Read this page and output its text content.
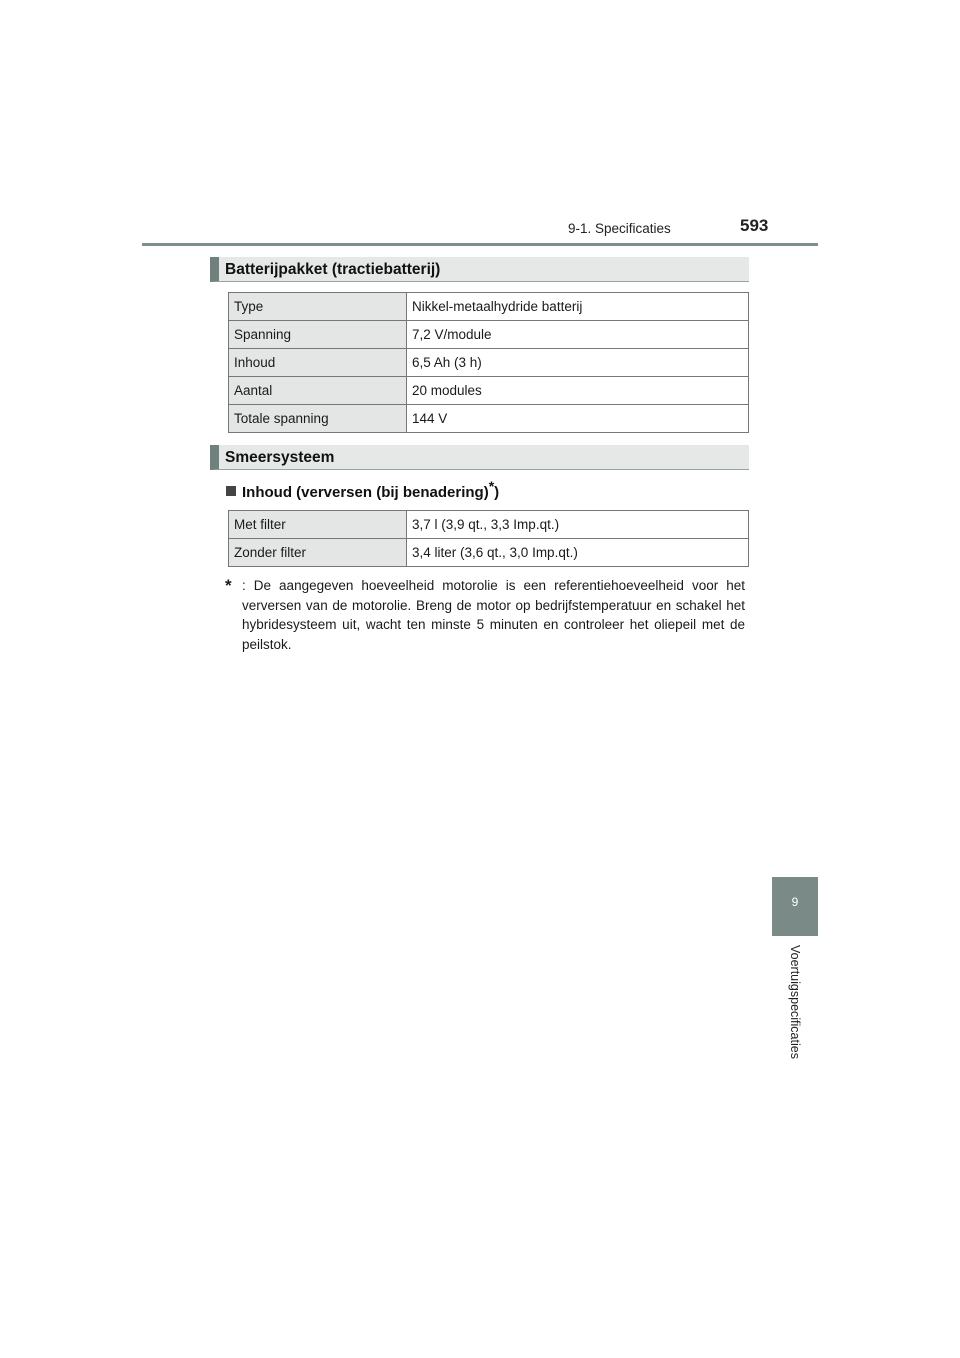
9-1. Specificaties	593
Batterijpakket (tractiebatterij)
Type	Nikkel-metaalhydride batterij
Spanning	7,2 V/module
Inhoud	6,5 Ah (3 h)
Aantal	20 modules
Totale spanning	144 V
Smeersysteem
Inhoud (verversen (bij benadering)*)
Met filter	3,7 l (3,9 qt., 3,3 Imp.qt.)
Zonder filter	3,4 liter (3,6 qt., 3,0 Imp.qt.)
* : De aangegeven hoeveelheid motorolie is een referentiehoeveelheid voor het verversen van de motorolie. Breng de motor op bedrijfstemperatuur en schakel het hybridesysteem uit, wacht ten minste 5 minuten en controleer het oliepeil met de peilstok.
9
Voertuigspecificaties
